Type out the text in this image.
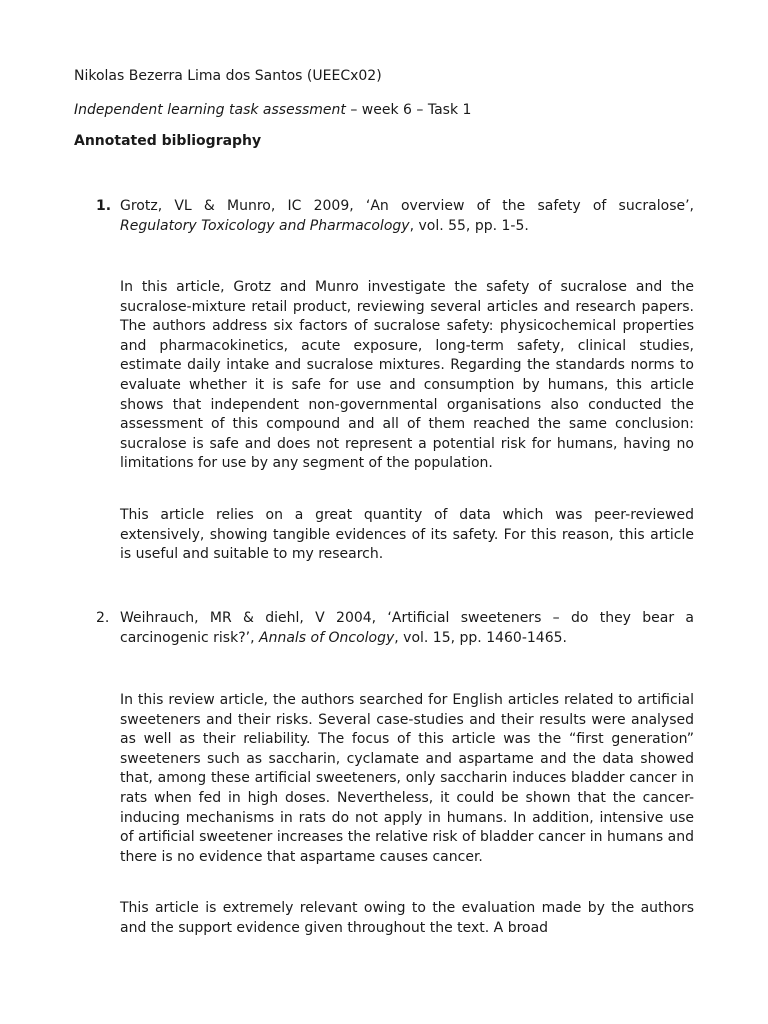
Nikolas Bezerra Lima dos Santos (UEECx02)
Independent learning task assessment – week 6 – Task 1
Annotated bibliography
1. Grotz, VL & Munro, IC 2009, ‘An overview of the safety of sucralose’,
Regulatory Toxicology and Pharmacology, vol. 55, pp. 1-5.
In this article, Grotz and Munro investigate the safety of sucralose and the sucralose-mixture retail product, reviewing several articles and research papers. The authors address six factors of sucralose safety: physicochemical properties and pharmacokinetics, acute exposure, long-term safety, clinical studies, estimate daily intake and sucralose mixtures. Regarding the standards norms to evaluate whether it is safe for use and consumption by humans, this article shows that independent non-governmental organisations also conducted the assessment of this compound and all of them reached the same conclusion: sucralose is safe and does not represent a potential risk for humans, having no limitations for use by any segment of the population.
This article relies on a great quantity of data which was peer-reviewed extensively, showing tangible evidences of its safety. For this reason, this article is useful and suitable to my research.
2. Weihrauch, MR & diehl, V 2004, ‘Artificial sweeteners – do they bear a
carcinogenic risk?’, Annals of Oncology, vol. 15, pp. 1460-1465.
In this review article, the authors searched for English articles related to artificial sweeteners and their risks. Several case-studies and their results were analysed as well as their reliability. The focus of this article was the “first generation” sweeteners such as saccharin, cyclamate and aspartame and the data showed that, among these artificial sweeteners, only saccharin induces bladder cancer in rats when fed in high doses. Nevertheless, it could be shown that the cancer-inducing mechanisms in rats do not apply in humans. In addition, intensive use of artificial sweetener increases the relative risk of bladder cancer in humans and there is no evidence that aspartame causes cancer.
This article is extremely relevant owing to the evaluation made by the authors and the support evidence given throughout the text. A broad
